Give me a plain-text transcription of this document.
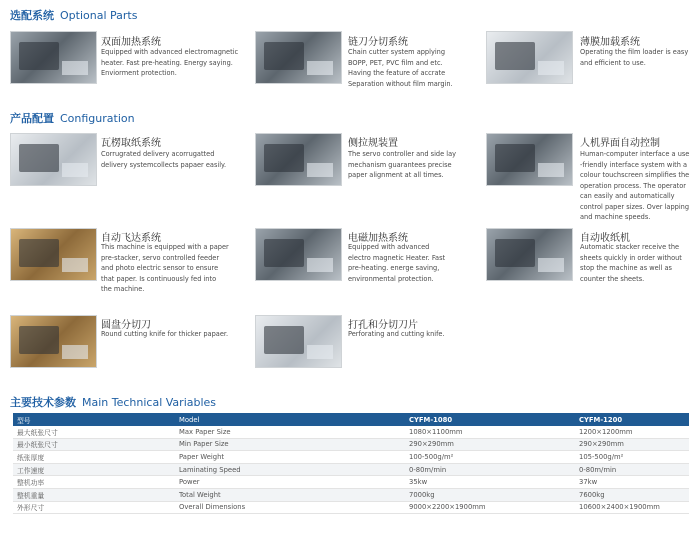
选配系统 Optional Parts
双面加热系统
Equipped with advanced electromagnetic heater. Fast pre-heating. Energy saying. Enviorment protection.
链刀分切系统
Chain cutter system applying BOPP, PET, PVC film and etc. Having the feature of accrate Separation without film margin.
薄膜加载系统
Operating the film loader is easy and efficient to use.
产品配置 Configuration
瓦楞取纸系统
Corrugrated delivery acorrugatted delivery systemcollects papaer easily.
侧拉规装置
The servo controller and side lay mechanism guarantees precise paper alignment at all times.
人机界面自动控制
Human-computer interface a use -friendly interface system with a colour touchscreen simplifies the operation process. The operator can easily and automatically control paper sizes. Over lapping and machine speeds.
自动飞达系统
This machine is equipped with a paper pre-stacker, servo controlled feeder and photo electric sensor to ensure that paper. Is continuously fed into the machine.
电磁加热系统
Equipped with advanced electro magnetic Heater. Fast pre-heating. energe saving, environmental protection.
自动收纸机
Automatic stacker receive the sheets quickly in order without stop the machine as well as counter the sheets.
圆盘分切刀
Round cutting knife for thicker papaer.
打孔和分切刀片
Perforating and cutting knife.
主要技术参数 Main Technical Variables
型号	Model	CYFM-1080	CYFM-1200
最大纸张尺寸	Max Paper Size	1080×1100mm	1200×1200mm
最小纸张尺寸	Min Paper Size	290×290mm	290×290mm
纸张厚度	Paper Weight	100-500g/m²	105-500g/m²
工作速度	Laminating Speed	0-80m/min	0-80m/min
整机功率	Power	35kw	37kw
整机重量	Total Weight	7000kg	7600kg
外形尺寸	Overall Dimensions	9000×2200×1900mm	10600×2400×1900mm
